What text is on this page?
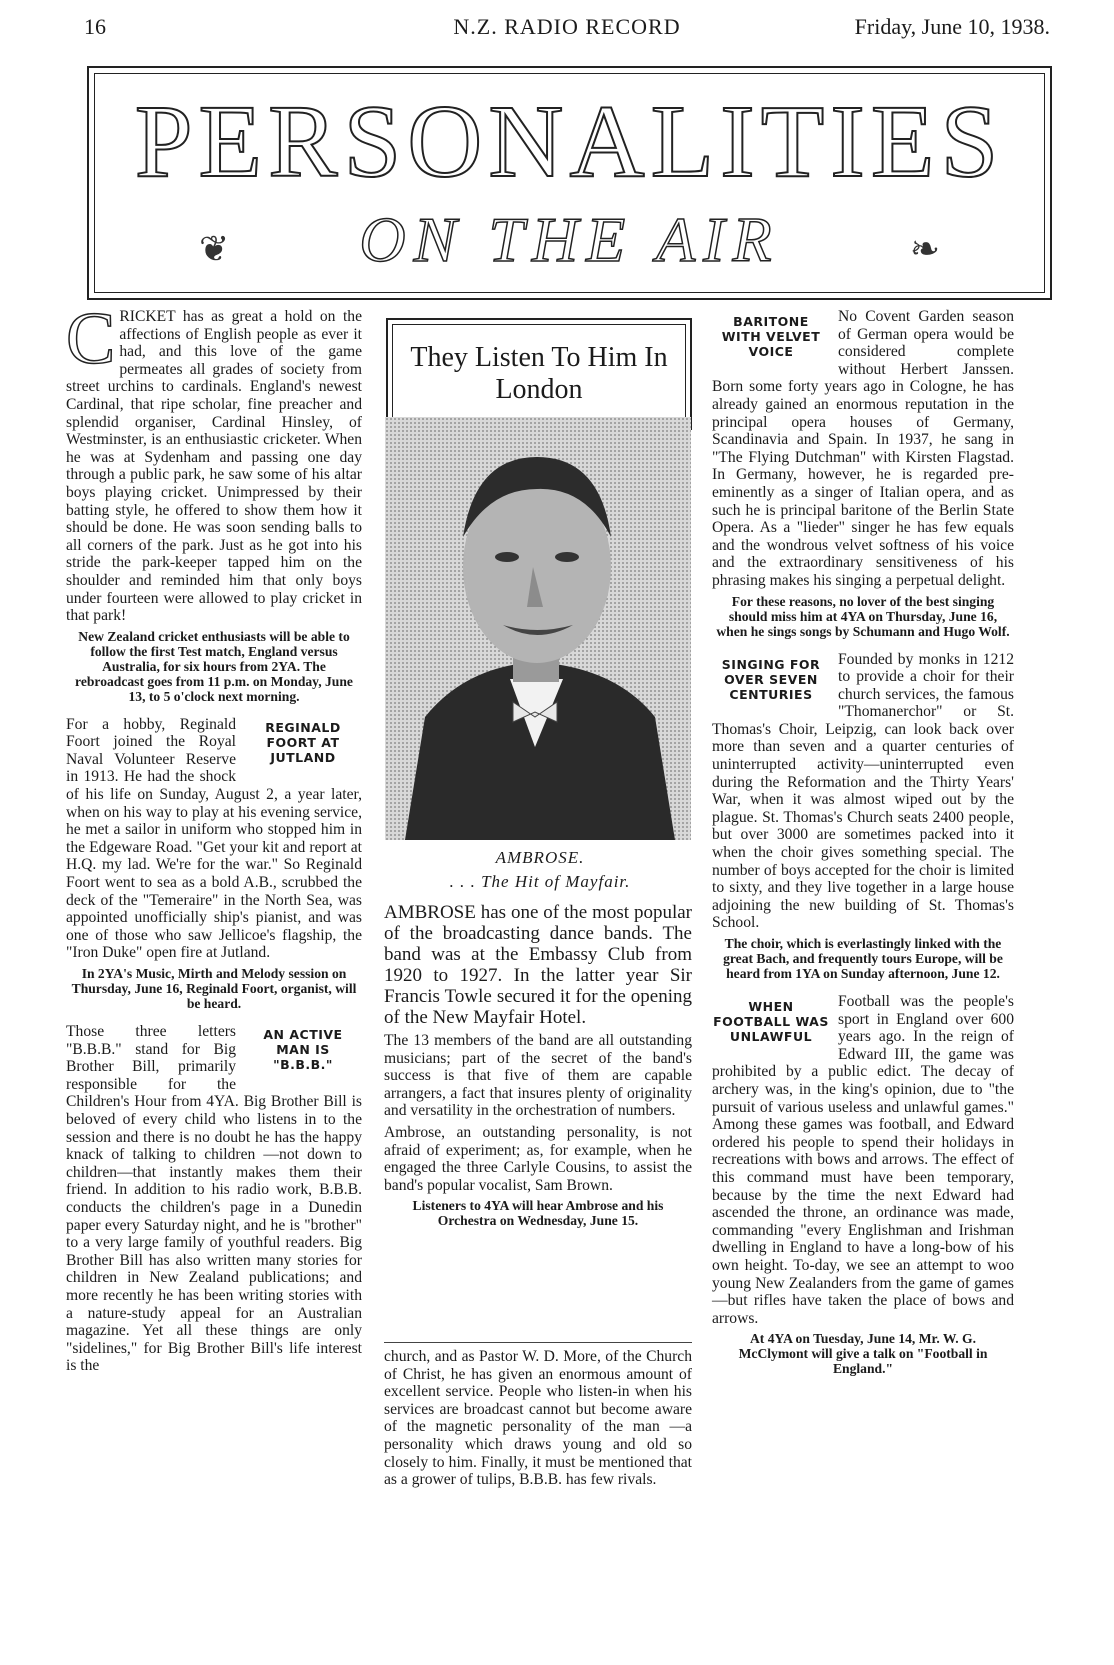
16	N.Z. RADIO RECORD	Friday, June 10, 1938.
PERSONALITIES
❦	ON THE AIR	❧
C RICKET has as great a hold on the affections of English people as ever it had, and this love of the game permeates all grades of society from street urchins to cardinals. England's newest Cardinal, that ripe scholar, fine preacher and splendid organiser, Cardinal Hinsley, of Westminster, is an enthusiastic cricketer. When he was at Sydenham and passing one day through a public park, he saw some of his altar boys playing cricket. Unimpressed by their batting style, he offered to show them how it should be done. He was soon sending balls to all corners of the park. Just as he got into his stride the park-keeper tapped him on the shoulder and reminded him that only boys under fourteen were allowed to play cricket in that park!

New Zealand cricket enthusiasts will be able to follow the first Test match, England versus Australia, for six hours from 2YA. The rebroadcast goes from 11 p.m. on Monday, June 13, to 5 o'clock next morning.
REGINALD FOORT AT JUTLAND

For a hobby, Reginald Foort joined the Royal Naval Volunteer Reserve in 1913. He had the shock of his life on Sunday, August 2, a year later, when on his way to play at his evening service, he met a sailor in uniform who stopped him in the Edgeware Road. "Get your kit and report at H.Q. my lad. We're for the war." So Reginald Foort went to sea as a bold A.B., scrubbed the deck of the "Temeraire" in the North Sea, was appointed unofficially ship's pianist, and was one of those who saw Jellicoe's flagship, the "Iron Duke" open fire at Jutland.

In 2YA's Music, Mirth and Melody session on Thursday, June 16, Reginald Foort, organist, will be heard.
AN ACTIVE MAN IS "B.B.B."

Those three letters "B.B.B." stand for Big Brother Bill, primarily responsible for the Children's Hour from 4YA. Big Brother Bill is beloved of every child who listens in to the session and there is no doubt he has the happy knack of talking to children —not down to children—that instantly makes them their friend. In addition to his radio work, B.B.B. conducts the children's page in a Dunedin paper every Saturday night, and he is "brother" to a very large family of youthful readers. Big Brother Bill has also written many stories for children in New Zealand publications; and more recently he has been writing stories with a nature-study appeal for an Australian magazine. Yet all these things are only "sidelines," for Big Brother Bill's life interest is the

They Listen To Him In London
AMBROSE.
. . . The Hit of Mayfair.

AMBROSE has one of the most popular of the broadcasting dance bands. The band was at the Embassy Club from 1920 to 1927. In the latter year Sir Francis Towle secured it for the opening of the New Mayfair Hotel.

The 13 members of the band are all outstanding musicians; part of the secret of the band's success is that five of them are capable arrangers, a fact that insures plenty of originality and versatility in the orchestration of numbers.

Ambrose, an outstanding personality, is not afraid of experiment; as, for example, when he engaged the three Carlyle Cousins, to assist the band's popular vocalist, Sam Brown.

Listeners to 4YA will hear Ambrose and his Orchestra on Wednesday, June 15.

church, and as Pastor W. D. More, of the Church of Christ, he has given an enormous amount of excellent service. People who listen-in when his services are broadcast cannot but become aware of the magnetic personality of the man —a personality which draws young and old so closely to him. Finally, it must be mentioned that as a grower of tulips, B.B.B. has few rivals.

BARITONE WITH VELVET VOICE

No Covent Garden season of German opera would be considered complete without Herbert Janssen. Born some forty years ago in Cologne, he has already gained an enormous reputation in the principal opera houses of Germany, Scandinavia and Spain. In 1937, he sang in "The Flying Dutchman" with Kirsten Flagstad. In Germany, however, he is regarded pre-eminently as a singer of Italian opera, and as such he is principal baritone of the Berlin State Opera. As a "lieder" singer he has few equals and the wondrous velvet softness of his voice and the extraordinary sensitiveness of his phrasing makes his singing a perpetual delight.

For these reasons, no lover of the best singing should miss him at 4YA on Thursday, June 16, when he sings songs by Schumann and Hugo Wolf.
SINGING FOR OVER SEVEN CENTURIES

Founded by monks in 1212 to provide a choir for their church services, the famous "Thomanerchor" or St. Thomas's Choir, Leipzig, can look back over more than seven and a quarter centuries of uninterrupted activity—uninterrupted even during the Reformation and the Thirty Years' War, when it was almost wiped out by the plague. St. Thomas's Church seats 2400 people, but over 3000 are sometimes packed into it when the choir gives something special. The number of boys accepted for the choir is limited to sixty, and they live together in a large house adjoining the new building of St. Thomas's School.

The choir, which is everlastingly linked with the great Bach, and frequently tours Europe, will be heard from 1YA on Sunday afternoon, June 12.
WHEN FOOTBALL WAS UNLAWFUL

Football was the people's sport in England over 600 years ago. In the reign of Edward III, the game was prohibited by a public edict. The decay of archery was, in the king's opinion, due to "the pursuit of various useless and unlawful games." Among these games was football, and Edward ordered his people to spend their holidays in recreations with bows and arrows. The effect of this command must have been temporary, because by the time the next Edward had ascended the throne, an ordinance was made, commanding "every Englishman and Irishman dwelling in England to have a long-bow of his own height. To-day, we see an attempt to woo young New Zealanders from the game of games—but rifles have taken the place of bows and arrows.

At 4YA on Tuesday, June 14, Mr. W. G. McClymont will give a talk on "Football in England."
